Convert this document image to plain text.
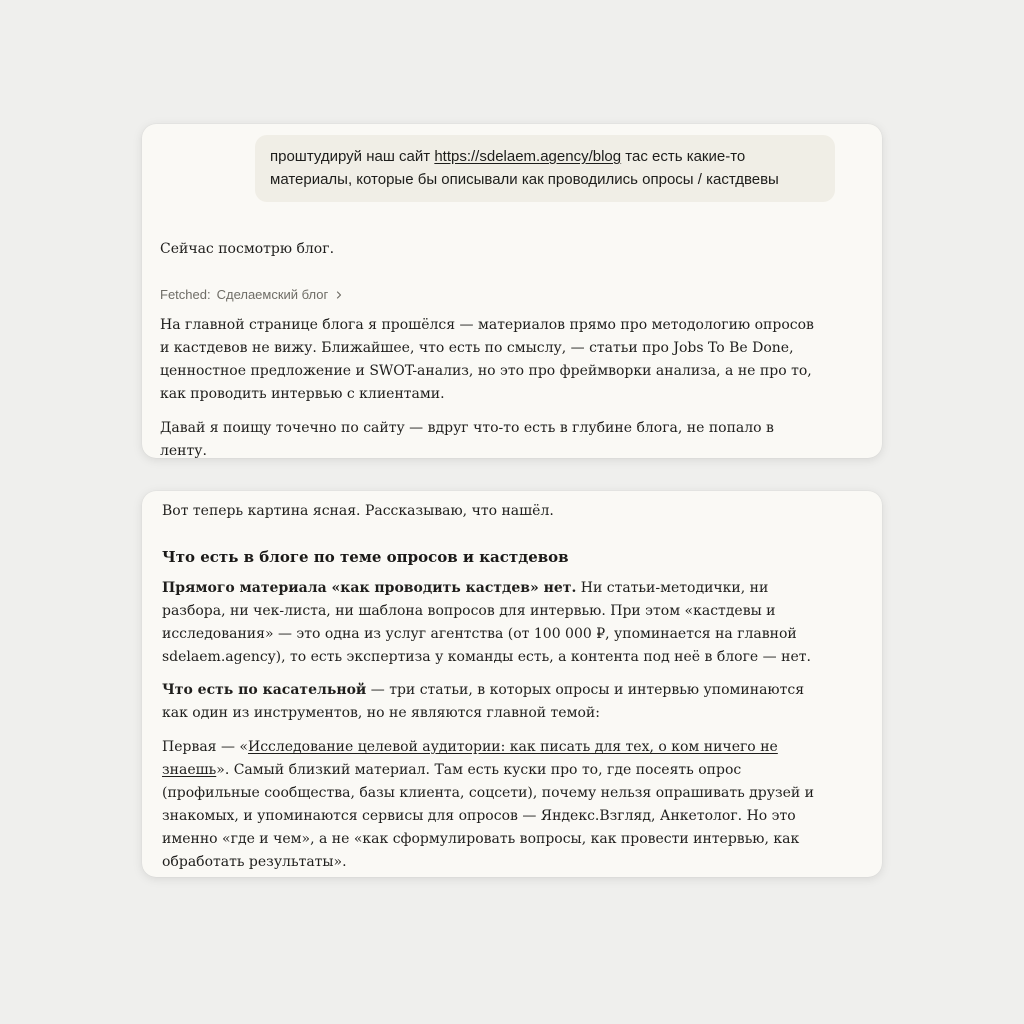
проштудируй наш сайт https://sdelaem.agency/blog тас есть какие-то материалы, которые бы описывали как проводились опросы / кастдвевы

Сейчас посмотрю блог.

Fetched: Сделаемский блог

На главной странице блога я прошёлся — материалов прямо про методологию опросов и кастдевов не вижу. Ближайшее, что есть по смыслу, — статьи про Jobs To Be Done, ценностное предложение и SWOT-анализ, но это про фреймворки анализа, а не про то, как проводить интервью с клиентами.

Давай я поищу точечно по сайту — вдруг что-то есть в глубине блога, не попало в ленту.

Вот теперь картина ясная. Рассказываю, что нашёл.

Что есть в блоге по теме опросов и кастдевов

Прямого материала «как проводить кастдев» нет. Ни статьи-методички, ни разбора, ни чек-листа, ни шаблона вопросов для интервью. При этом «кастдевы и исследования» — это одна из услуг агентства (от 100 000 ₽, упоминается на главной sdelaem.agency), то есть экспертиза у команды есть, а контента под неё в блоге — нет.

Что есть по касательной — три статьи, в которых опросы и интервью упоминаются как один из инструментов, но не являются главной темой:

Первая — «Исследование целевой аудитории: как писать для тех, о ком ничего не знаешь». Самый близкий материал. Там есть куски про то, где посеять опрос (профильные сообщества, базы клиента, соцсети), почему нельзя опрашивать друзей и знакомых, и упоминаются сервисы для опросов — Яндекс.Взгляд, Анкетолог. Но это именно «где и чем», а не «как сформулировать вопросы, как провести интервью, как обработать результаты».
